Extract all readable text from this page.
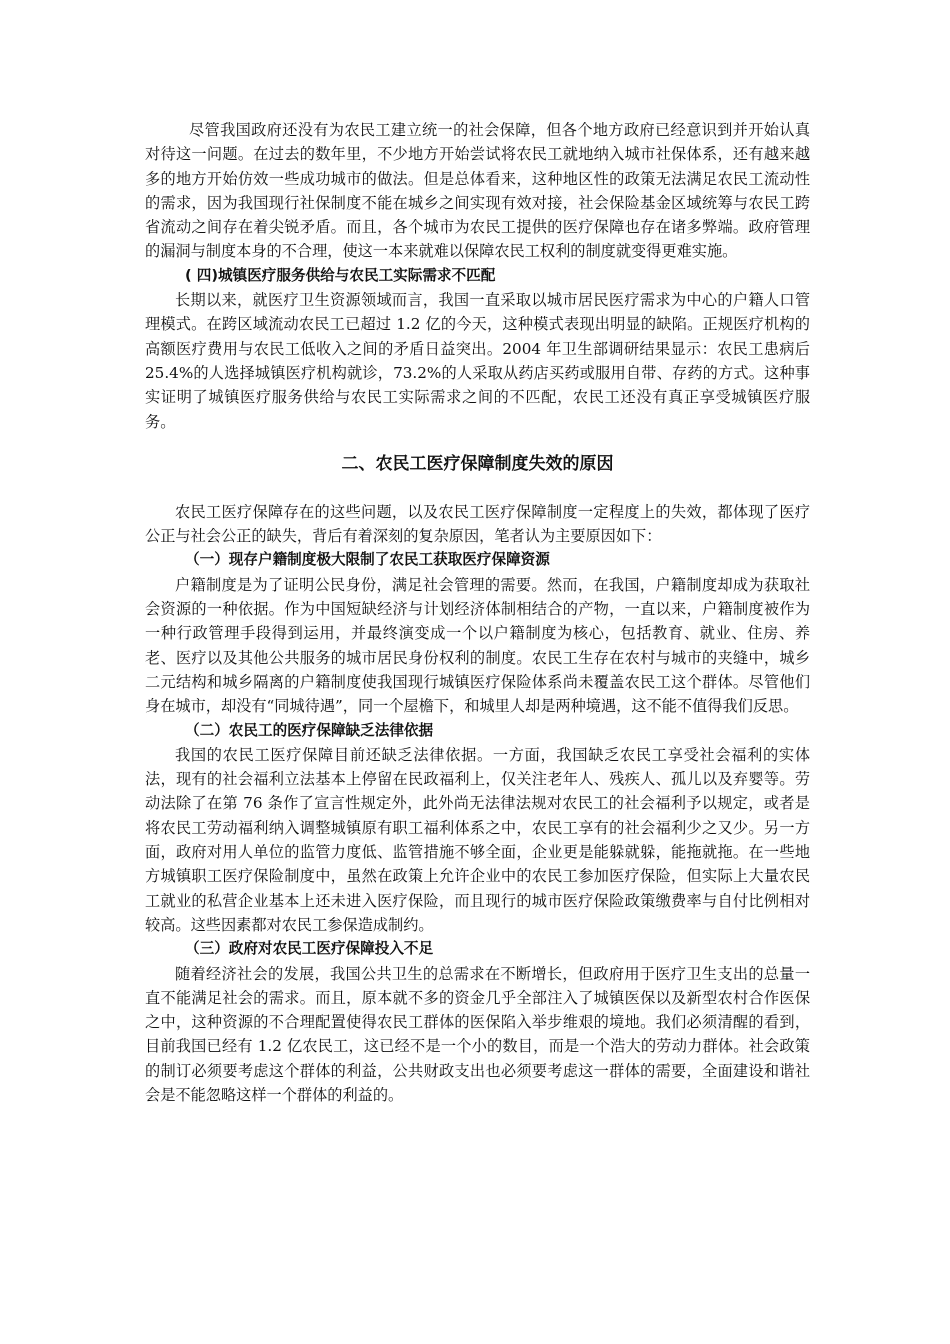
尽管我国政府还没有为农民工建立统一的社会保障，但各个地方政府已经意识到并开始认真对待这一问题。在过去的数年里，不少地方开始尝试将农民工就地纳入城市社保体系，还有越来越多的地方开始仿效一些成功城市的做法。但是总体看来，这种地区性的政策无法满足农民工流动性的需求，因为我国现行社保制度不能在城乡之间实现有效对接，社会保险基金区域统筹与农民工跨省流动之间存在着尖锐矛盾。而且，各个城市为农民工提供的医疗保障也存在诸多弊端。政府管理的漏洞与制度本身的不合理，使这一本来就难以保障农民工权利的制度就变得更难实施。

( 四)城镇医疗服务供给与农民工实际需求不匹配

长期以来，就医疗卫生资源领域而言，我国一直采取以城市居民医疗需求为中心的户籍人口管理模式。在跨区域流动农民工已超过 1.2 亿的今天，这种模式表现出明显的缺陷。正规医疗机构的高额医疗费用与农民工低收入之间的矛盾日益突出。2004 年卫生部调研结果显示：农民工患病后 25.4%的人选择城镇医疗机构就诊，73.2%的人采取从药店买药或服用自带、存药的方式。这种事实证明了城镇医疗服务供给与农民工实际需求之间的不匹配，农民工还没有真正享受城镇医疗服务。

二、农民工医疗保障制度失效的原因

农民工医疗保障存在的这些问题，以及农民工医疗保障制度一定程度上的失效，都体现了医疗公正与社会公正的缺失，背后有着深刻的复杂原因，笔者认为主要原因如下：

（一）现存户籍制度极大限制了农民工获取医疗保障资源

户籍制度是为了证明公民身份，满足社会管理的需要。然而，在我国，户籍制度却成为获取社会资源的一种依据。作为中国短缺经济与计划经济体制相结合的产物，一直以来，户籍制度被作为一种行政管理手段得到运用，并最终演变成一个以户籍制度为核心，包括教育、就业、住房、养老、医疗以及其他公共服务的城市居民身份权利的制度。农民工生存在农村与城市的夹缝中，城乡二元结构和城乡隔离的户籍制度使我国现行城镇医疗保险体系尚未覆盖农民工这个群体。尽管他们身在城市，却没有“同城待遇”，同一个屋檐下，和城里人却是两种境遇，这不能不值得我们反思。

（二）农民工的医疗保障缺乏法律依据

我国的农民工医疗保障目前还缺乏法律依据。一方面，我国缺乏农民工享受社会福利的实体法，现有的社会福利立法基本上停留在民政福利上，仅关注老年人、残疾人、孤儿以及弃婴等。劳动法除了在第 76 条作了宣言性规定外，此外尚无法律法规对农民工的社会福利予以规定，或者是将农民工劳动福利纳入调整城镇原有职工福利体系之中，农民工享有的社会福利少之又少。另一方面，政府对用人单位的监管力度低、监管措施不够全面，企业更是能躲就躲，能拖就拖。在一些地方城镇职工医疗保险制度中，虽然在政策上允许企业中的农民工参加医疗保险，但实际上大量农民工就业的私营企业基本上还未进入医疗保险，而且现行的城市医疗保险政策缴费率与自付比例相对较高。这些因素都对农民工参保造成制约。

（三）政府对农民工医疗保障投入不足

随着经济社会的发展，我国公共卫生的总需求在不断增长，但政府用于医疗卫生支出的总量一直不能满足社会的需求。而且，原本就不多的资金几乎全部注入了城镇医保以及新型农村合作医保之中，这种资源的不合理配置使得农民工群体的医保陷入举步维艰的境地。我们必须清醒的看到，目前我国已经有 1.2 亿农民工，这已经不是一个小的数目，而是一个浩大的劳动力群体。社会政策的制订必须要考虑这个群体的利益，公共财政支出也必须要考虑这一群体的需要，全面建设和谐社会是不能忽略这样一个群体的利益的。
